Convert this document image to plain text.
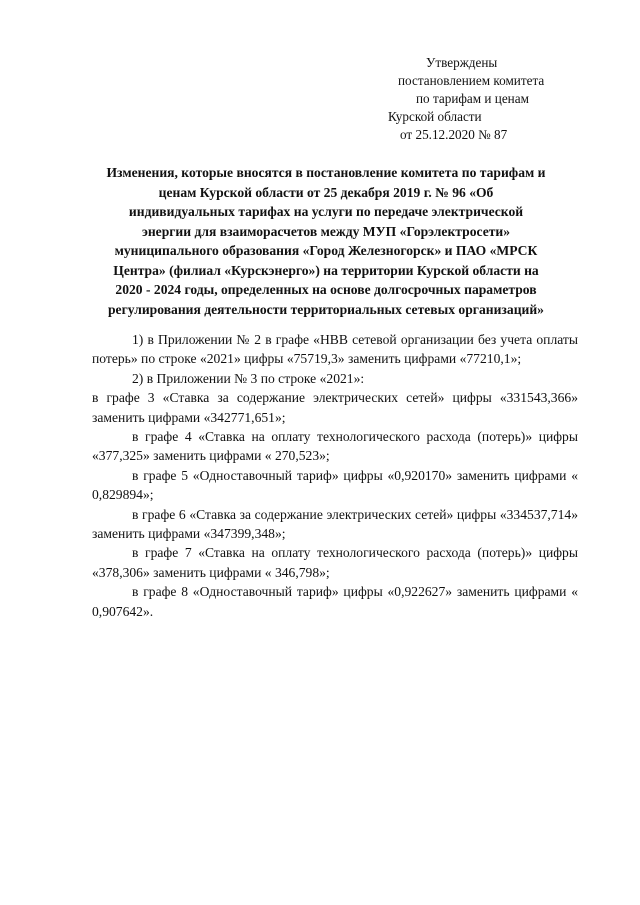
Утверждены
постановлением комитета
по тарифам и ценам
Курской области
от 25.12.2020 № 87
Изменения, которые вносятся в постановление комитета по тарифам и
ценам Курской области от 25 декабря 2019 г. № 96 «Об
индивидуальных тарифах на услуги по передаче электрической
энергии для взаиморасчетов между МУП «Горэлектросети»
муниципального образования «Город Железногорск» и ПАО «МРСК
Центра» (филиал «Курскэнерго») на территории Курской области на
2020 - 2024 годы, определенных на основе долгосрочных параметров
регулирования деятельности территориальных сетевых организаций»

1) в Приложении № 2 в графе «НВВ сетевой организации без учета оплаты потерь» по строке «2021» цифры «75719,3» заменить цифрами «77210,1»;

2) в Приложении № 3 по строке «2021»:

в графе 3 «Ставка за содержание электрических сетей» цифры «331543,366» заменить цифрами «342771,651»;

в графе 4 «Ставка на оплату технологического расхода (потерь)» цифры «377,325» заменить цифрами « 270,523»;

в графе 5 «Одноставочный тариф» цифры «0,920170» заменить цифрами « 0,829894»;

в графе 6 «Ставка за содержание электрических сетей» цифры «334537,714» заменить цифрами «347399,348»;

в графе 7 «Ставка на оплату технологического расхода (потерь)» цифры «378,306» заменить цифрами « 346,798»;

в графе 8 «Одноставочный тариф» цифры «0,922627» заменить цифрами « 0,907642».
